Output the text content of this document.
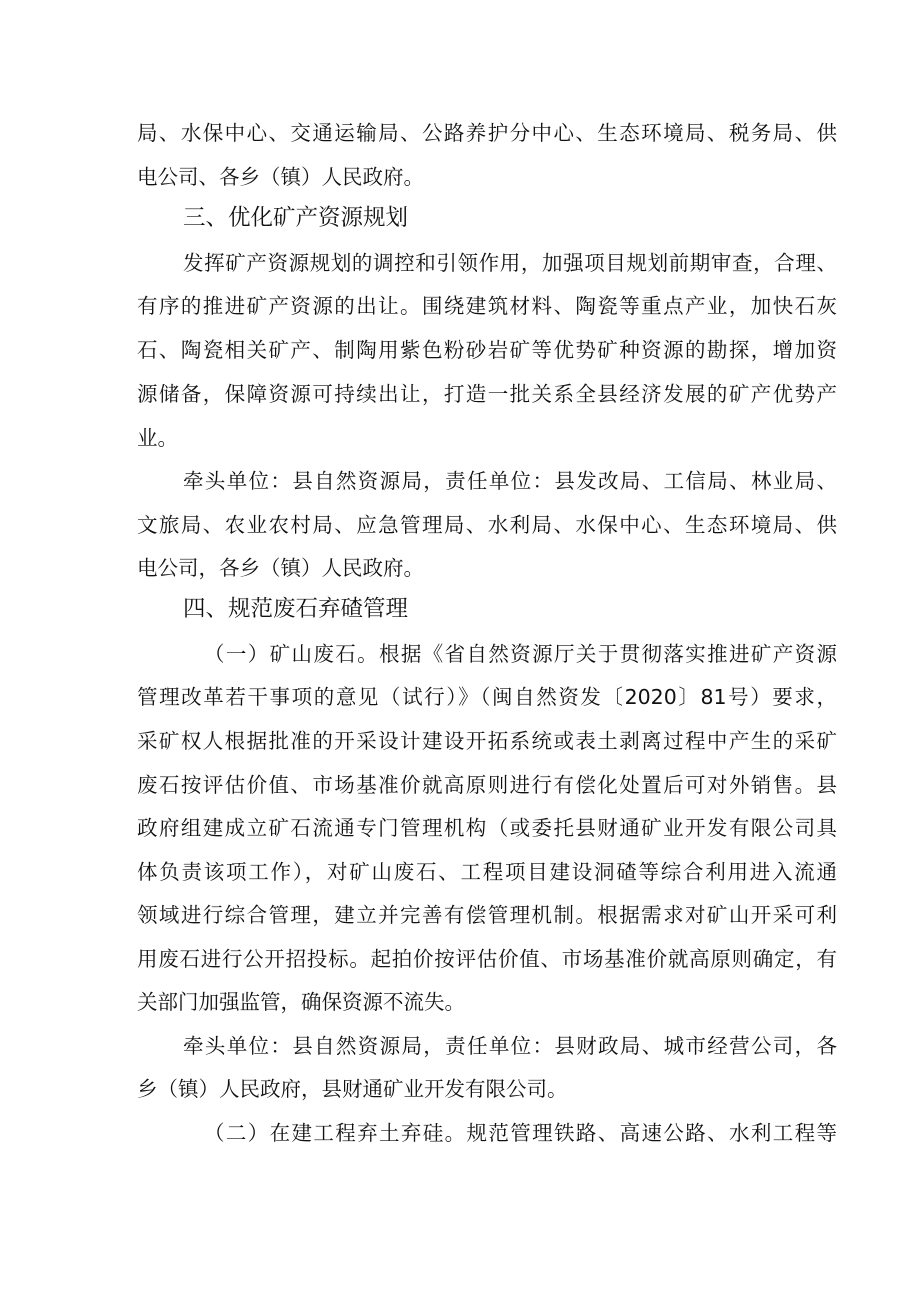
局、水保中心、交通运输局、公路养护分中心、生态环境局、税务局、供
电公司、各乡（镇）人民政府。
三、优化矿产资源规划
发挥矿产资源规划的调控和引领作用，加强项目规划前期审查，合理、
有序的推进矿产资源的出让。围绕建筑材料、陶瓷等重点产业，加快石灰
石、陶瓷相关矿产、制陶用紫色粉砂岩矿等优势矿种资源的勘探，增加资
源储备，保障资源可持续出让，打造一批关系全县经济发展的矿产优势产
业。
牵头单位：县自然资源局，责任单位：县发改局、工信局、林业局、
文旅局、农业农村局、应急管理局、水利局、水保中心、生态环境局、供
电公司，各乡（镇）人民政府。
四、规范废石弃碴管理
（一）矿山废石。根据《省自然资源厅关于贯彻落实推进矿产资源
管理改革若干事项的意见（试行）》（闽自然资发〔2020〕81号）要求，
采矿权人根据批准的开采设计建设开拓系统或表土剥离过程中产生的采矿
废石按评估价值、市场基准价就高原则进行有偿化处置后可对外销售。县
政府组建成立矿石流通专门管理机构（或委托县财通矿业开发有限公司具
体负责该项工作），对矿山废石、工程项目建设洞碴等综合利用进入流通
领域进行综合管理，建立并完善有偿管理机制。根据需求对矿山开采可利
用废石进行公开招投标。起拍价按评估价值、市场基准价就高原则确定，有
关部门加强监管，确保资源不流失。
牵头单位：县自然资源局，责任单位：县财政局、城市经营公司，各
乡（镇）人民政府，县财通矿业开发有限公司。
（二）在建工程弃土弃硅。规范管理铁路、高速公路、水利工程等
